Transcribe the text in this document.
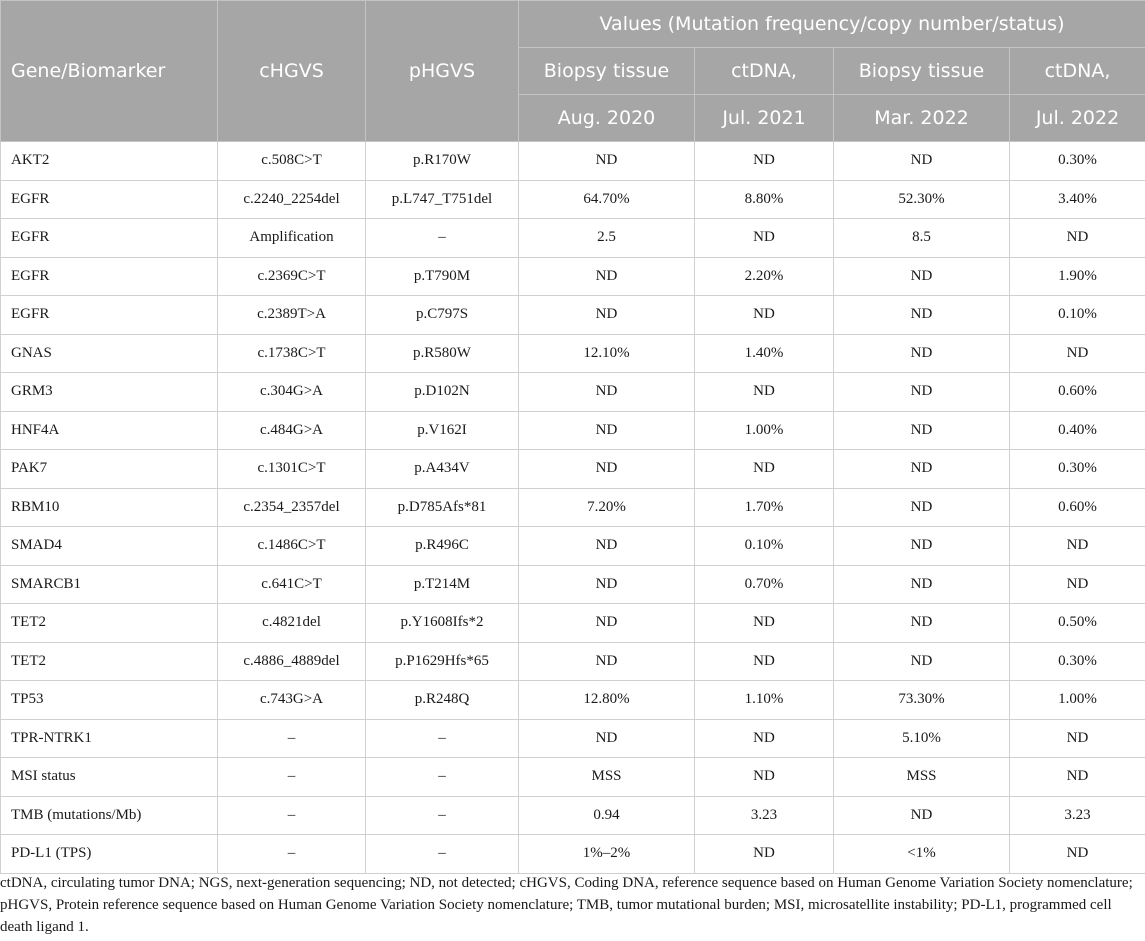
Gene/Biomarker	cHGVS	pHGVS	Values (Mutation frequency/copy number/status)			
			Biopsy tissue	ctDNA,	Biopsy tissue	ctDNA,
			Aug. 2020	Jul. 2021	Mar. 2022	Jul. 2022
AKT2	c.508C>T	p.R170W	ND	ND	ND	0.30%
EGFR	c.2240_2254del	p.L747_T751del	64.70%	8.80%	52.30%	3.40%
EGFR	Amplification	–	2.5	ND	8.5	ND
EGFR	c.2369C>T	p.T790M	ND	2.20%	ND	1.90%
EGFR	c.2389T>A	p.C797S	ND	ND	ND	0.10%
GNAS	c.1738C>T	p.R580W	12.10%	1.40%	ND	ND
GRM3	c.304G>A	p.D102N	ND	ND	ND	0.60%
HNF4A	c.484G>A	p.V162I	ND	1.00%	ND	0.40%
PAK7	c.1301C>T	p.A434V	ND	ND	ND	0.30%
RBM10	c.2354_2357del	p.D785Afs*81	7.20%	1.70%	ND	0.60%
SMAD4	c.1486C>T	p.R496C	ND	0.10%	ND	ND
SMARCB1	c.641C>T	p.T214M	ND	0.70%	ND	ND
TET2	c.4821del	p.Y1608Ifs*2	ND	ND	ND	0.50%
TET2	c.4886_4889del	p.P1629Hfs*65	ND	ND	ND	0.30%
TP53	c.743G>A	p.R248Q	12.80%	1.10%	73.30%	1.00%
TPR-NTRK1	–	–	ND	ND	5.10%	ND
MSI status	–	–	MSS	ND	MSS	ND
TMB (mutations/Mb)	–	–	0.94	3.23	ND	3.23
PD-L1 (TPS)	–	–	1%–2%	ND	<1%	ND

ctDNA, circulating tumor DNA; NGS, next-generation sequencing; ND, not detected; cHGVS, Coding DNA, reference sequence based on Human Genome Variation Society nomenclature; pHGVS, Protein reference sequence based on Human Genome Variation Society nomenclature; TMB, tumor mutational burden; MSI, microsatellite instability; PD-L1, programmed cell death ligand 1.
